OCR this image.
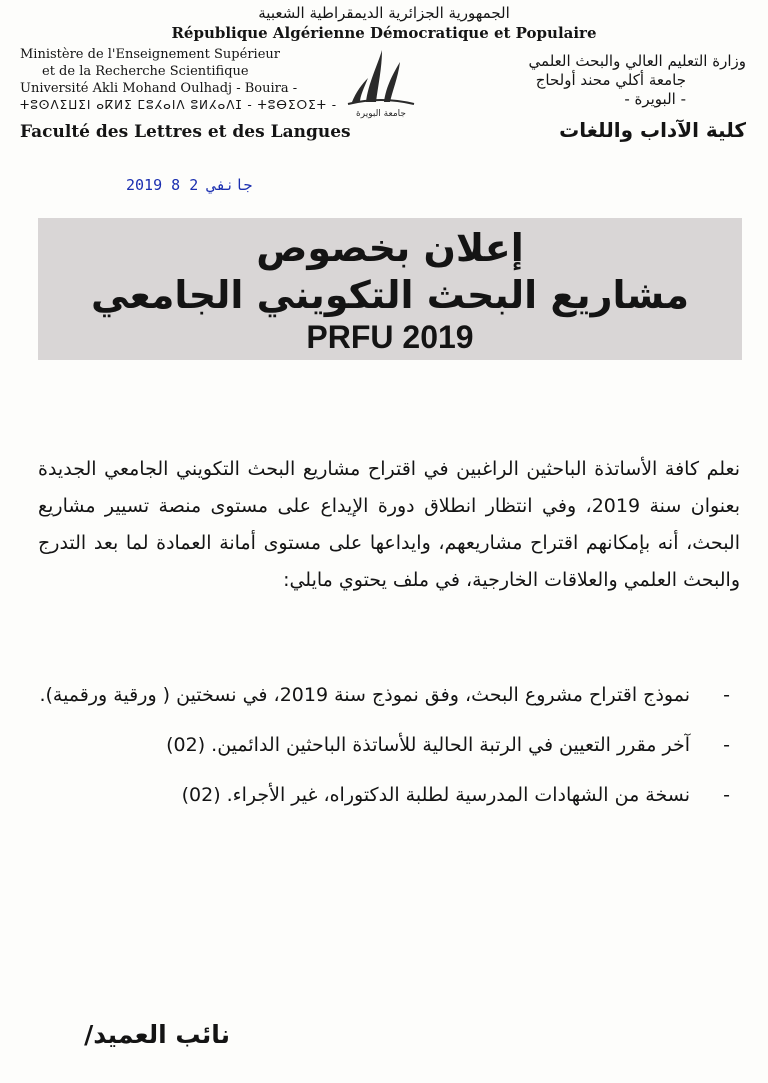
الجمهورية الجزائرية الديمقراطية الشعبية
République Algérienne Démocratique et Populaire
Ministère de l'Enseignement Supérieur
et de la Recherche Scientifique
Université Akli Mohand Oulhadj - Bouira -
ⵜⵓⵙⴷⵉⵡⵉⵏ ⴰⴽⵍⵉ ⵎⵓⵃⴰⵏⴷ ⵓⵍⵃⴰⴷⵊ - ⵜⵓⴱⵉⵔⵉⵜ -
Faculté des Lettres et des Langues
وزارة التعليم العالي والبحث العلمي
جامعة أكلي محند أولحاج
- البويرة -
كلية الآداب واللغات
جامعة البويرة
2019 جانفي 2 8
إعلان بخصوص
مشاريع البحث التكويني الجامعي
PRFU 2019
نعلم كافة الأساتذة الباحثين الراغبين في اقتراح مشاريع البحث التكويني الجامعي الجديدة بعنوان سنة 2019، وفي انتظار انطلاق دورة الإيداع على مستوى منصة تسيير مشاريع البحث، أنه بإمكانهم اقتراح مشاريعهم، وايداعها على مستوى أمانة العمادة لما بعد التدرج والبحث العلمي والعلاقات الخارجية، في ملف يحتوي مايلي:
-
نموذج اقتراح مشروع البحث، وفق نموذج سنة 2019، في نسختين ( ورقية ورقمية).
-
آخر مقرر التعيين في الرتبة الحالية للأساتذة الباحثين الدائمين. (02)
-
نسخة من الشهادات المدرسية لطلبة الدكتوراه، غير الأجراء. (02)
نائب العميد/
